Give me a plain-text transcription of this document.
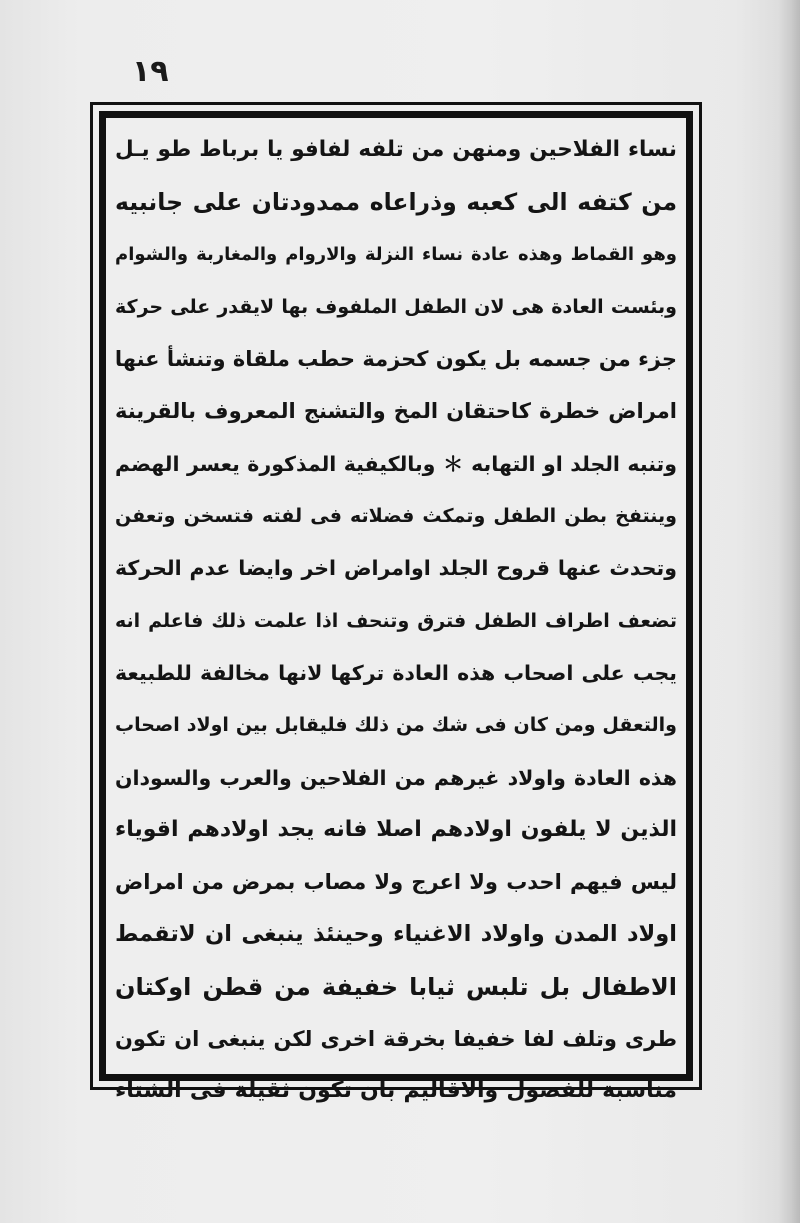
١٩
نساء الفلاحين ومنهن من تلفه لفافو يا برباط طو يـل
من كتفه الى كعبه وذراعاه ممدودتان على جانبيه
وهو القماط وهذه عادة نساء النزلة والاروام والمغاربة والشوام
وبئست العادة هى لان الطفل الملفوف بها لايقدر على حركة
جزء من جسمه بل يكون كحزمة حطب ملقاة وتنشأ عنها
امراض خطرة كاحتقان المخ والتشنج المعروف بالقرينة
وتنبه الجلد او التهابه ＊ وبالكيفية المذكورة يعسر الهضم
وينتفخ بطن الطفل وتمكث فضلاته فى لفته فتسخن وتعفن
وتحدث عنها قروح الجلد اوامراض اخر وايضا عدم الحركة
تضعف اطراف الطفل فترق وتنحف اذا علمت ذلك فاعلم انه
يجب على اصحاب هذه العادة تركها لانها مخالفة للطبيعة
والتعقل ومن كان فى شك من ذلك فليقابل بين اولاد اصحاب
هذه العادة واولاد غيرهم من الفلاحين والعرب والسودان
الذين لا يلفون اولادهم اصلا فانه يجد اولادهم اقوياء
ليس فيهم احدب ولا اعرج ولا مصاب بمرض من امراض
اولاد المدن واولاد الاغنياء وحينئذ ينبغى ان لاتقمط
الاطفال بل تلبس ثيابا خفيفة من قطن اوكتان
طرى وتلف لفا خفيفا بخرقة اخرى لكن ينبغى ان تكون
مناسبة للفصول والاقاليم بان تكون ثقيلة فى الشتاء
